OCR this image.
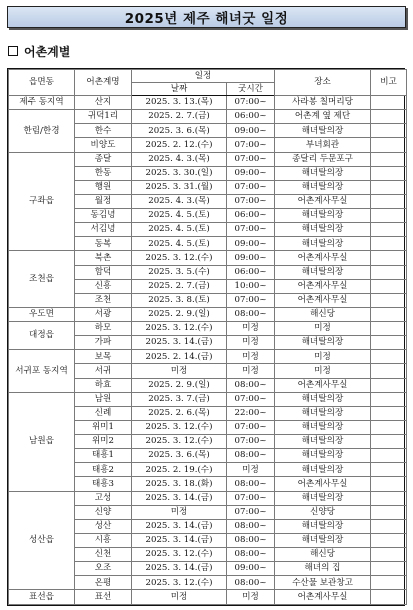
2025년 제주 해녀굿 일정
어촌계별
읍면동	어촌계명	일정		장소	비고
		날짜	굿시간		
제주 동지역	산지	2025. 3. 13.(목)	07:00~	사라봉 칠머리당	
한림/한경	귀덕1리	2025. 2. 7.(금)	06:00~	어촌계 옆 제단	
	한수	2025. 3. 6.(목)	09:00~	해녀탈의장	
	비양도	2025. 2. 12.(수)	07:00~	부녀회관	
구좌읍	종달	2025. 4. 3.(목)	07:00~	종달리 두문포구	
	한동	2025. 3. 30.(일)	09:00~	해녀탈의장	
	행원	2025. 3. 31.(월)	07:00~	해녀탈의장	
	월정	2025. 4. 3.(목)	07:00~	어촌계사무실	
	동김녕	2025. 4. 5.(토)	06:00~	해녀탈의장	
	서김녕	2025. 4. 5.(토)	07:00~	해녀탈의장	
	동복	2025. 4. 5.(토)	09:00~	해녀탈의장	
조천읍	북촌	2025. 3. 12.(수)	09:00~	어촌계사무실	
	함덕	2025. 3. 5.(수)	06:00~	해녀탈의장	
	신흥	2025. 2. 7.(금)	10:00~	어촌계사무실	
	조천	2025. 3. 8.(토)	07:00~	어촌계사무실	
우도면	서광	2025. 2. 9.(일)	08:00~	해신당	
대정읍	하모	2025. 3. 12.(수)	미정	미정	
	가파	2025. 3. 14.(금)	미정	해녀탈의장	
서귀포 동지역	보목	2025. 2. 14.(금)	미정	미정	
	서귀	미정	미정	미정	
	하효	2025. 2. 9.(일)	08:00~	어촌계사무실	
남원읍	남원	2025. 3. 7.(금)	07:00~	해녀탈의장	
	신례	2025. 2. 6.(목)	22:00~	해녀탈의장	
	위미1	2025. 3. 12.(수)	07:00~	해녀탈의장	
	위미2	2025. 3. 12.(수)	07:00~	해녀탈의장	
	태흥1	2025. 3. 6.(목)	08:00~	해녀탈의장	
	태흥2	2025. 2. 19.(수)	미정	해녀탈의장	
	태흥3	2025. 3. 18.(화)	08:00~	어촌계사무실	
성산읍	고성	2025. 3. 14.(금)	07:00~	해녀탈의장	
	신양	미정	07:00~	신양당	
	성산	2025. 3. 14.(금)	08:00~	해녀탈의장	
	시흥	2025. 3. 14.(금)	08:00~	해녀탈의장	
	신천	2025. 3. 12.(수)	08:00~	해신당	
	오조	2025. 3. 14.(금)	09:00~	해녀의 집	
	온평	2025. 3. 12.(수)	08:00~	수산물 보관창고	
표선읍	표선	미정	미정	어촌계사무실	
